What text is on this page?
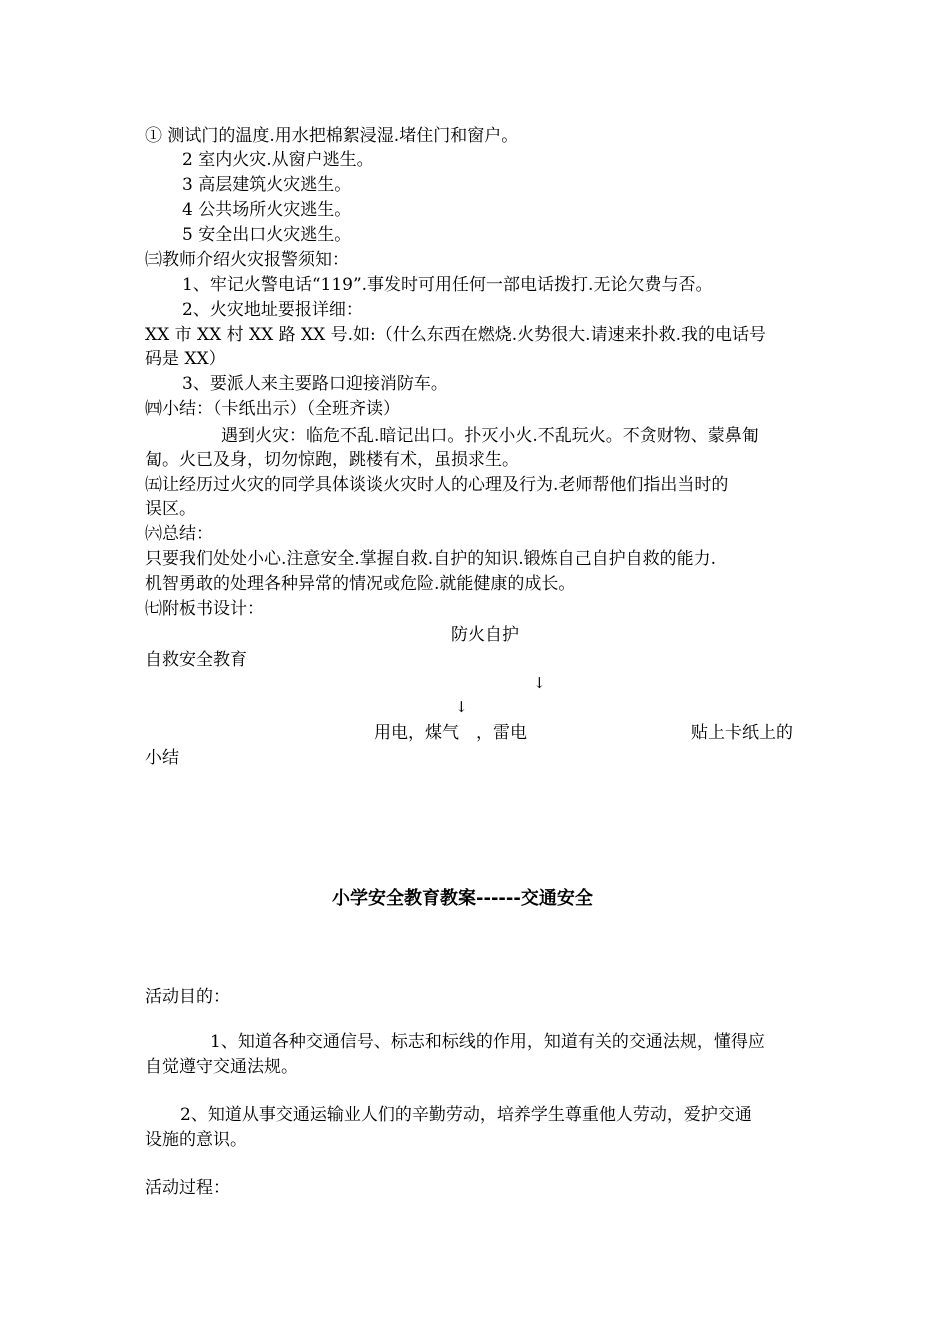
① 测试门的温度.用水把棉絮浸湿.堵住门和窗户。

2 室内火灾.从窗户逃生。

3 高层建筑火灾逃生。

4 公共场所火灾逃生。

5 安全出口火灾逃生。

㈢教师介绍火灾报警须知：

1、牢记火警电话“119”.事发时可用任何一部电话拨打.无论欠费与否。

2、火灾地址要报详细：

XX 市 XX 村 XX 路 XX 号.如:（什么东西在燃烧.火势很大.请速来扑救.我的电话号

码是 XX）

3、要派人来主要路口迎接消防车。

㈣小结：（卡纸出示）（全班齐读）

遇到火灾：临危不乱.暗记出口。扑灭小火.不乱玩火。不贪财物、蒙鼻匍

匐。火已及身，切勿惊跑，跳楼有术，虽损求生。

㈤让经历过火灾的同学具体谈谈火灾时人的心理及行为.老师帮他们指出当时的

误区。

㈥总结：

只要我们处处小心.注意安全.掌握自救.自护的知识.锻炼自己自护自救的能力.

机智勇敢的处理各种异常的情况或危险.就能健康的成长。

㈦附板书设计：

防火自护

自救安全教育

↓

↓

用电，煤气　，雷电	贴上卡纸上的

小结

小学安全教育教案------交通安全

活动目的：

1、知道各种交通信号、标志和标线的作用，知道有关的交通法规，懂得应

自觉遵守交通法规。

2、知道从事交通运输业人们的辛勤劳动，培养学生尊重他人劳动，爱护交通

设施的意识。

活动过程：
